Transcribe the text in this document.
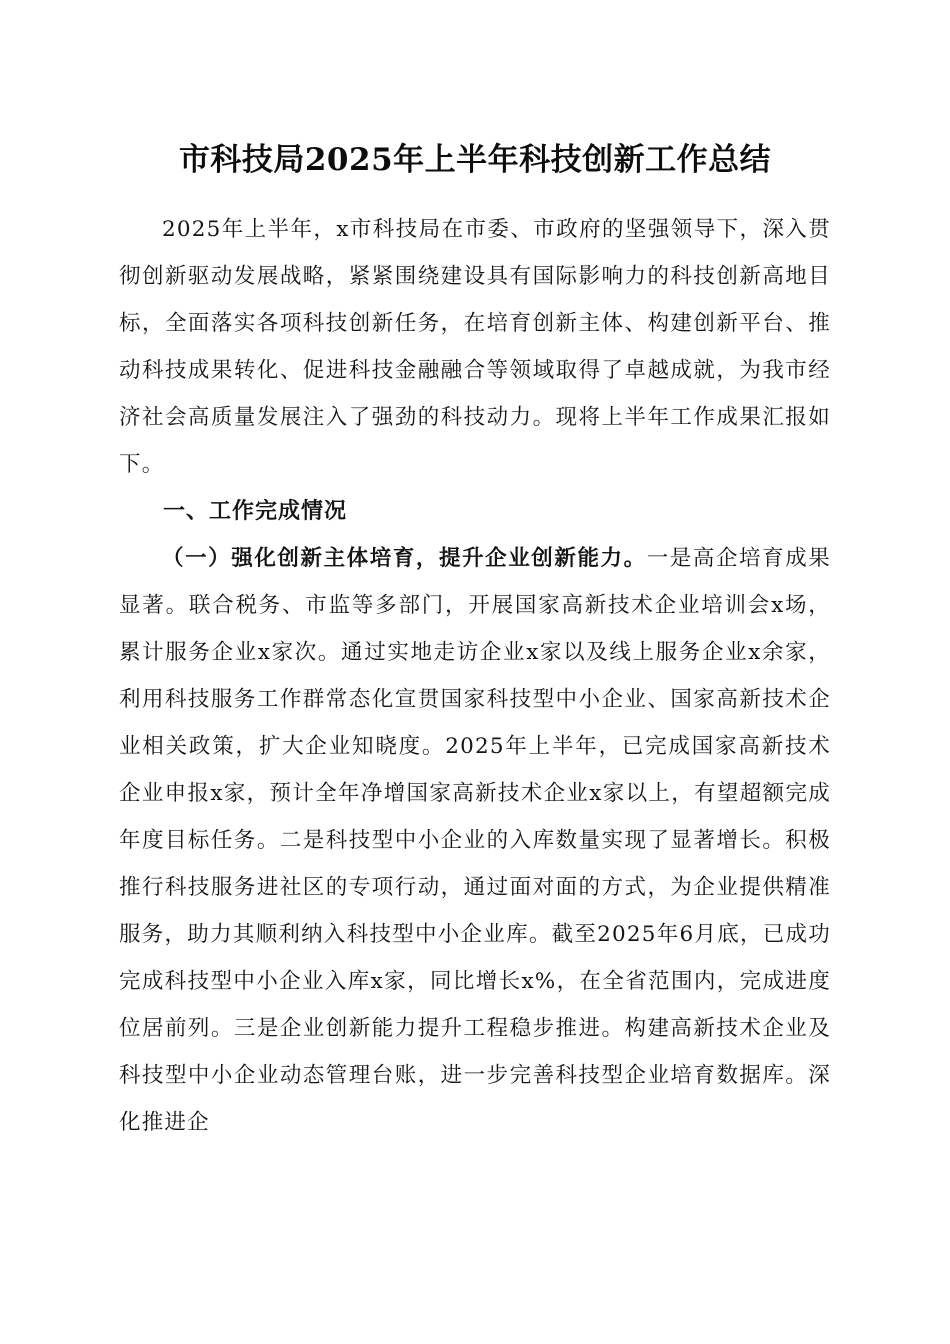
市科技局2025年上半年科技创新工作总结

2025年上半年，x市科技局在市委、市政府的坚强领导下，深入贯彻创新驱动发展战略，紧紧围绕建设具有国际影响力的科技创新高地目标，全面落实各项科技创新任务，在培育创新主体、构建创新平台、推动科技成果转化、促进科技金融融合等领域取得了卓越成就，为我市经济社会高质量发展注入了强劲的科技动力。现将上半年工作成果汇报如下。

一、工作完成情况

（一）强化创新主体培育，提升企业创新能力。一是高企培育成果显著。联合税务、市监等多部门，开展国家高新技术企业培训会x场，累计服务企业x家次。通过实地走访企业x家以及线上服务企业x余家，利用科技服务工作群常态化宣贯国家科技型中小企业、国家高新技术企业相关政策，扩大企业知晓度。2025年上半年，已完成国家高新技术企业申报x家，预计全年净增国家高新技术企业x家以上，有望超额完成年度目标任务。二是科技型中小企业的入库数量实现了显著增长。积极推行科技服务进社区的专项行动，通过面对面的方式，为企业提供精准服务，助力其顺利纳入科技型中小企业库。截至2025年6月底，已成功完成科技型中小企业入库x家，同比增长x%，在全省范围内，完成进度位居前列。三是企业创新能力提升工程稳步推进。构建高新技术企业及科技型中小企业动态管理台账，进一步完善科技型企业培育数据库。深化推进企
